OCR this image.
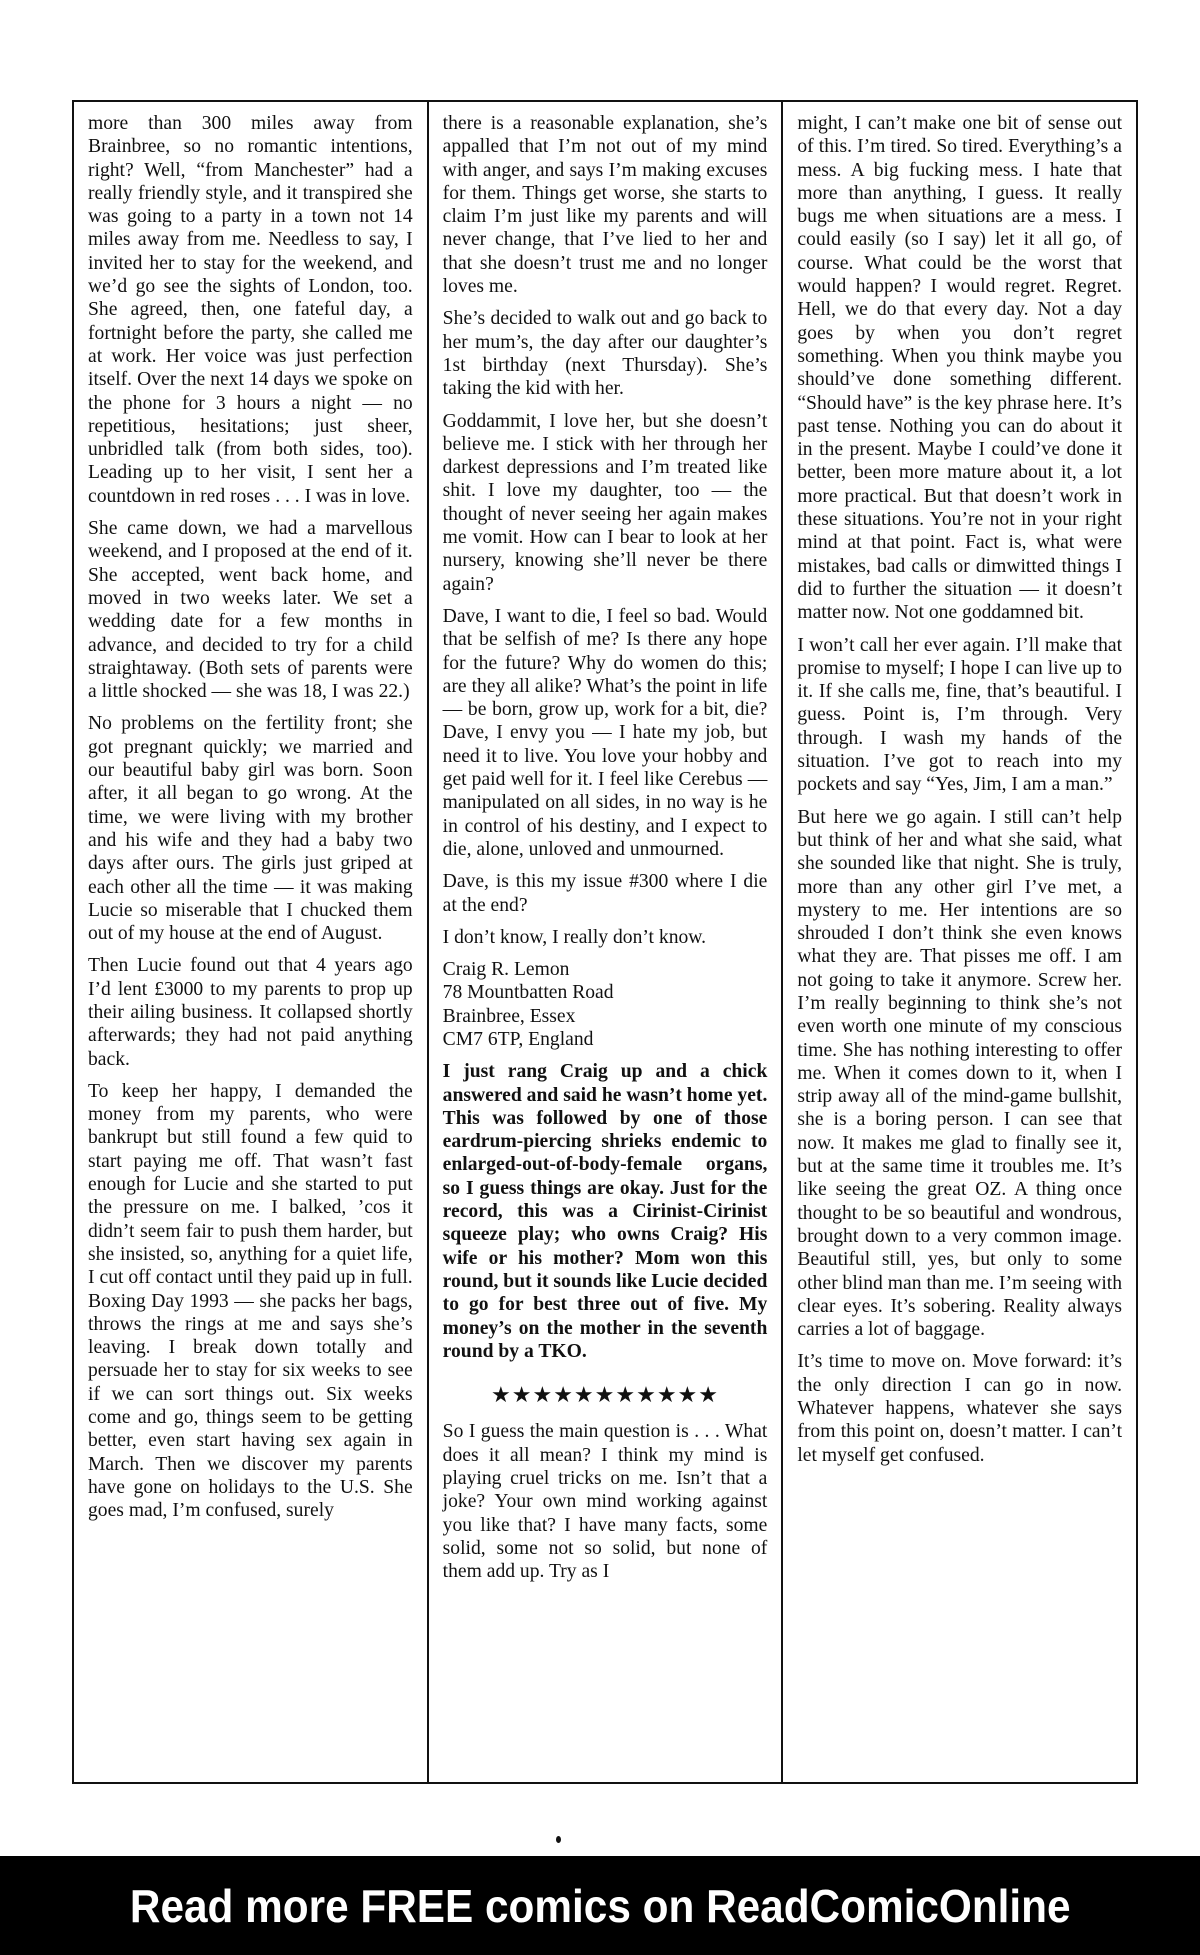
more than 300 miles away from Brainbree, so no romantic intentions, right? Well, “from Manchester” had a really friendly style, and it transpired she was going to a party in a town not 14 miles away from me. Needless to say, I invited her to stay for the weekend, and we’d go see the sights of London, too. She agreed, then, one fateful day, a fortnight before the party, she called me at work. Her voice was just perfection itself. Over the next 14 days we spoke on the phone for 3 hours a night — no repetitious, hesitations; just sheer, unbridled talk (from both sides, too). Leading up to her visit, I sent her a countdown in red roses . . . I was in love.

She came down, we had a marvellous weekend, and I proposed at the end of it. She accepted, went back home, and moved in two weeks later. We set a wedding date for a few months in advance, and decided to try for a child straightaway. (Both sets of parents were a little shocked — she was 18, I was 22.)

No problems on the fertility front; she got pregnant quickly; we married and our beautiful baby girl was born. Soon after, it all began to go wrong. At the time, we were living with my brother and his wife and they had a baby two days after ours. The girls just griped at each other all the time — it was making Lucie so miserable that I chucked them out of my house at the end of August.

Then Lucie found out that 4 years ago I’d lent £3000 to my parents to prop up their ailing business. It collapsed shortly afterwards; they had not paid anything back.

To keep her happy, I demanded the money from my parents, who were bankrupt but still found a few quid to start paying me off. That wasn’t fast enough for Lucie and she started to put the pressure on me. I balked, ’cos it didn’t seem fair to push them harder, but she insisted, so, anything for a quiet life, I cut off contact until they paid up in full. Boxing Day 1993 — she packs her bags, throws the rings at me and says she’s leaving. I break down totally and persuade her to stay for six weeks to see if we can sort things out. Six weeks come and go, things seem to be getting better, even start having sex again in March. Then we discover my parents have gone on holidays to the U.S. She goes mad, I’m confused, surely

there is a reasonable explanation, she’s appalled that I’m not out of my mind with anger, and says I’m making excuses for them. Things get worse, she starts to claim I’m just like my parents and will never change, that I’ve lied to her and that she doesn’t trust me and no longer loves me.

She’s decided to walk out and go back to her mum’s, the day after our daughter’s 1st birthday (next Thursday). She’s taking the kid with her.

Goddammit, I love her, but she doesn’t believe me. I stick with her through her darkest depressions and I’m treated like shit. I love my daughter, too — the thought of never seeing her again makes me vomit. How can I bear to look at her nursery, knowing she’ll never be there again?

Dave, I want to die, I feel so bad. Would that be selfish of me? Is there any hope for the future? Why do women do this; are they all alike? What’s the point in life — be born, grow up, work for a bit, die? Dave, I envy you — I hate my job, but need it to live. You love your hobby and get paid well for it. I feel like Cerebus — manipulated on all sides, in no way is he in control of his destiny, and I expect to die, alone, unloved and unmourned.

Dave, is this my issue #300 where I die at the end?

I don’t know, I really don’t know.

Craig R. Lemon

78 Mountbatten Road

Brainbree, Essex

CM7 6TP, England

I just rang Craig up and a chick answered and said he wasn’t home yet. This was followed by one of those eardrum-piercing shrieks endemic to enlarged-out-of-body-female organs, so I guess things are okay. Just for the record, this was a Cirinist-Cirinist squeeze play; who owns Craig? His wife or his mother? Mom won this round, but it sounds like Lucie decided to go for best three out of five. My money’s on the mother in the seventh round by a TKO.

★★★★★★★★★★★

So I guess the main question is . . . What does it all mean? I think my mind is playing cruel tricks on me. Isn’t that a joke? Your own mind working against you like that? I have many facts, some solid, some not so solid, but none of them add up. Try as I

might, I can’t make one bit of sense out of this. I’m tired. So tired. Everything’s a mess. A big fucking mess. I hate that more than anything, I guess. It really bugs me when situations are a mess. I could easily (so I say) let it all go, of course. What could be the worst that would happen? I would regret. Regret. Hell, we do that every day. Not a day goes by when you don’t regret something. When you think maybe you should’ve done something different. “Should have” is the key phrase here. It’s past tense. Nothing you can do about it in the present. Maybe I could’ve done it better, been more mature about it, a lot more practical. But that doesn’t work in these situations. You’re not in your right mind at that point. Fact is, what were mistakes, bad calls or dimwitted things I did to further the situation — it doesn’t matter now. Not one goddamned bit.

I won’t call her ever again. I’ll make that promise to myself; I hope I can live up to it. If she calls me, fine, that’s beautiful. I guess. Point is, I’m through. Very through. I wash my hands of the situation. I’ve got to reach into my pockets and say “Yes, Jim, I am a man.”

But here we go again. I still can’t help but think of her and what she said, what she sounded like that night. She is truly, more than any other girl I’ve met, a mystery to me. Her intentions are so shrouded I don’t think she even knows what they are. That pisses me off. I am not going to take it anymore. Screw her. I’m really beginning to think she’s not even worth one minute of my conscious time. She has nothing interesting to offer me. When it comes down to it, when I strip away all of the mind-game bullshit, she is a boring person. I can see that now. It makes me glad to finally see it, but at the same time it troubles me. It’s like seeing the great OZ. A thing once thought to be so beautiful and wondrous, brought down to a very common image. Beautiful still, yes, but only to some other blind man than me. I’m seeing with clear eyes. It’s sobering. Reality always carries a lot of baggage.

It’s time to move on. Move forward: it’s the only direction I can go in now. Whatever happens, whatever she says from this point on, doesn’t matter. I can’t let myself get confused.

Read more FREE comics on ReadComicOnline
